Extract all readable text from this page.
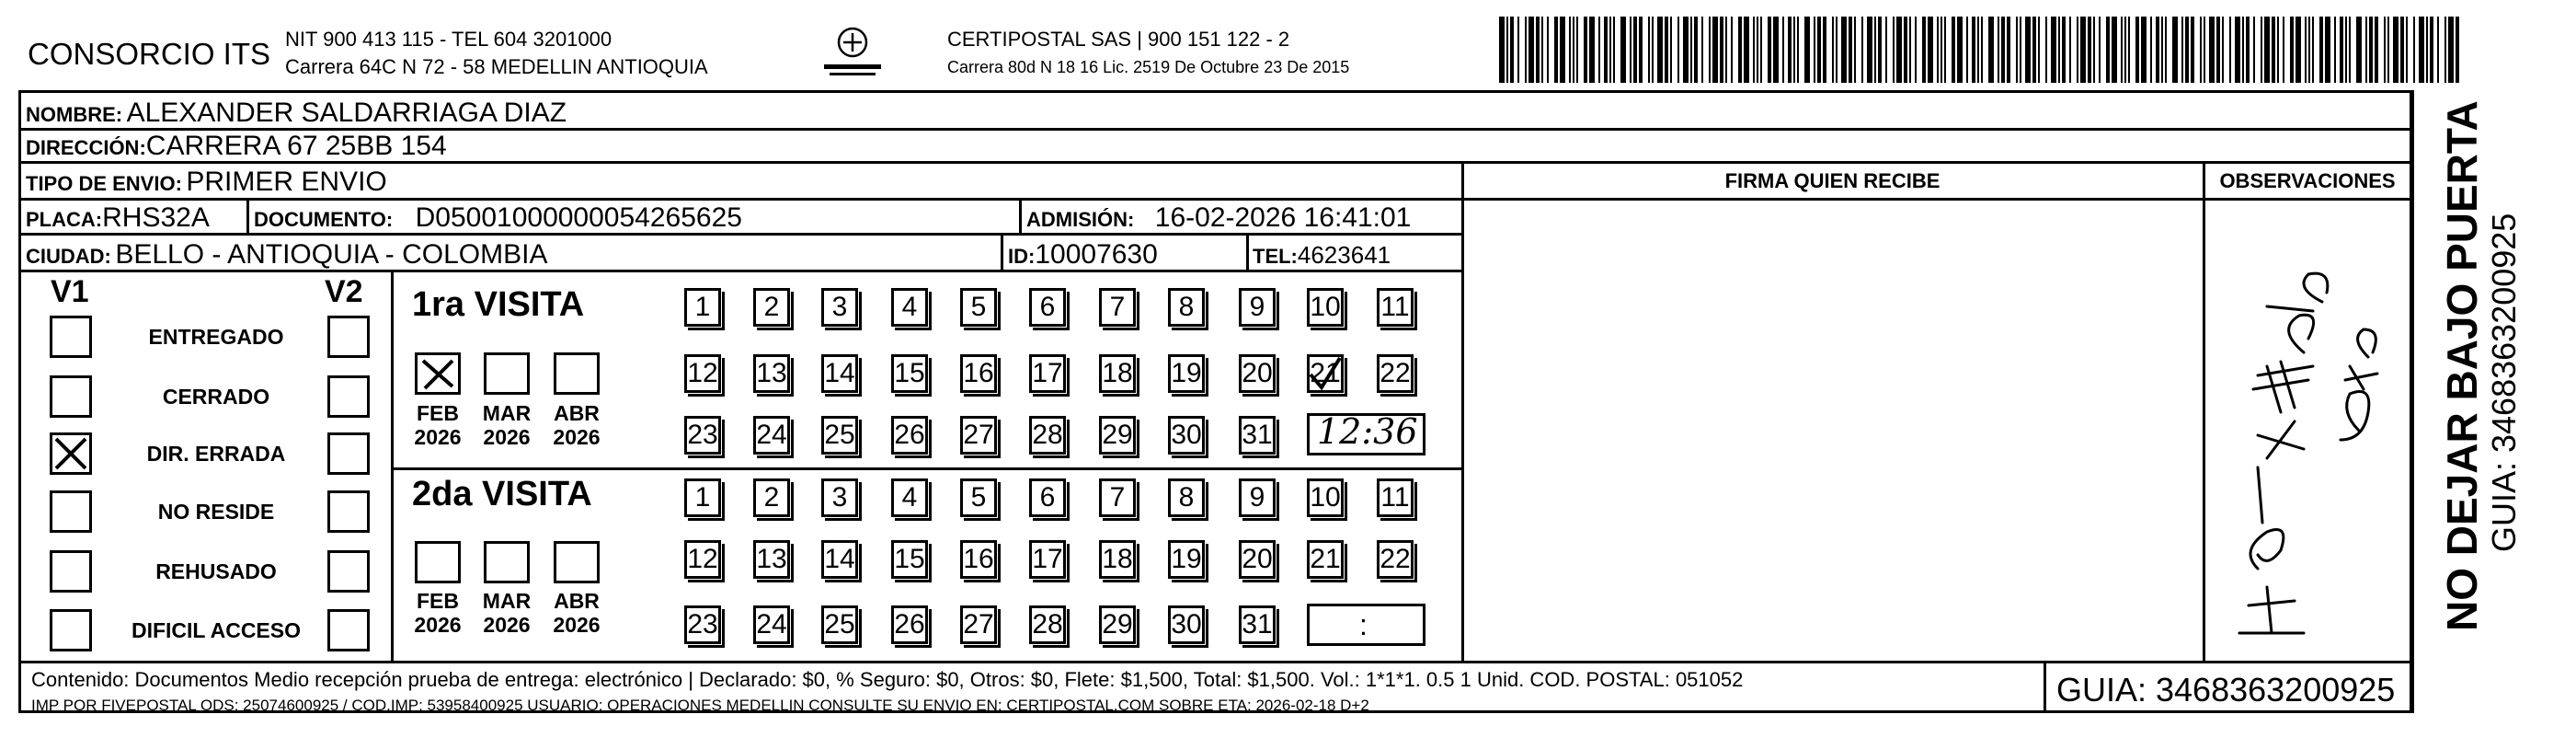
CONSORCIO ITS NIT 900 413 115 - TEL 604 3201000
Carrera 64C N 72 - 58 MEDELLIN ANTIOQUIA
CERTIPOSTAL SAS | 900 151 122 - 2
Carrera 80d N 18 16 Lic. 2519 De Octubre 23 De 2015
NOMBRE: ALEXANDER SALDARRIAGA DIAZ
DIRECCIÓN:CARRERA 67 25BB 154
TIPO DE ENVIO: PRIMER ENVIO
PLACA:RHS32A DOCUMENTO: D05001000000054265625	ADMISIÓN: 16-02-2026 16:41:01
CIUDAD: BELLO - ANTIOQUIA - COLOMBIA	ID:10007630	TEL:4623641
FIRMA QUIEN RECIBE	OBSERVACIONES
V1	V2
ENTREGADO
CERRADO
DIR. ERRADA
NO RESIDE
REHUSADO
DIFICIL ACCESO
1ra VISITA
2da VISITA
1 2 3 4 5 6 7 8 9 10 11
12 13 14 15 16 17 18 19 20 21 22
23 24 25 26 27 28 29 30 31
1 2 3 4 5 6 7 8 9 10 11
12 13 14 15 16 17 18 19 20 21 22
23 24 25 26 27 28 29 30 31
FEB
2026
MAR
2026
ABR
2026
FEB
2026
MAR
2026
ABR
2026
12:36
:	NO DEJAR BAJO PUERTA GUIA: 3468363200925
Contenido: Documentos Medio recepción prueba de entrega: electrónico | Declarado: $0, % Seguro: $0, Otros: $0, Flete: $1,500, Total: $1,500. Vol.: 1*1*1. 0.5 1 Unid. COD. POSTAL: 051052
IMP POR FIVEPOSTAL ODS: 25074600925 / COD.IMP: 53958400925 USUARIO: OPERACIONES MEDELLIN CONSULTE SU ENVIO EN: CERTIPOSTAL.COM SOBRE ETA: 2026-02-18 D+2	GUIA: 3468363200925
